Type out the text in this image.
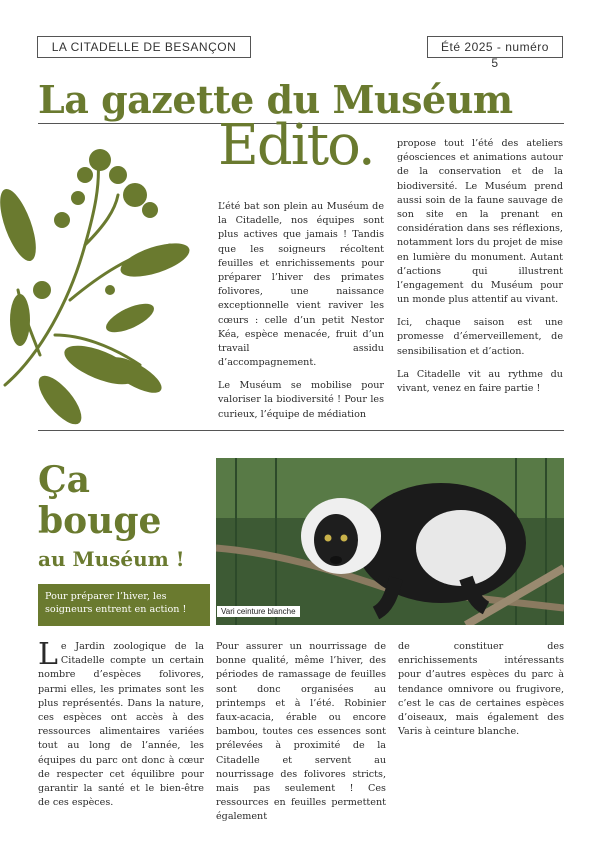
LA CITADELLE DE BESANÇON	Été 2025 - numéro 5
La gazette du Muséum
Edito.

L’été bat son plein au Muséum de la Citadelle, nos équipes sont plus actives que jamais ! Tandis que les soigneurs récoltent feuilles et enrichissements pour préparer l’hiver des primates folivores, une naissance exceptionnelle vient raviver les cœurs : celle d’un petit Nestor Kéa, espèce menacée, fruit d’un travail assidu d’accompagnement.

Le Muséum se mobilise pour valoriser la biodiversité ! Pour les curieux, l’équipe de médiation

propose tout l’été des ateliers géosciences et animations autour de la conservation et de la biodiversité. Le Muséum prend aussi soin de la faune sauvage de son site en la prenant en considération dans ses réflexions, notamment lors du projet de mise en lumière du monument. Autant d’actions qui illustrent l’engagement du Muséum pour un monde plus attentif au vivant.

Ici, chaque saison est une promesse d’émerveillement, de sensibilisation et d’action.

La Citadelle vit au rythme du vivant, venez en faire partie !

Ça
bouge
au Muséum !
Pour préparer l’hiver, les soigneurs entrent en action !	Vari ceinture blanche
Le Jardin zoologique de la Citadelle compte un certain nombre d’espèces folivores, parmi elles, les primates sont les plus représentés. Dans la nature, ces espèces ont accès à des ressources alimentaires variées tout au long de l’année, les équipes du parc ont donc à cœur de respecter cet équilibre pour garantir la santé et le bien-être de ces espèces.
Pour assurer un nourrissage de bonne qualité, même l’hiver, des périodes de ramassage de feuilles sont donc organisées au printemps et à l’été. Robinier faux-acacia, érable ou encore bambou, toutes ces essences sont prélevées à proximité de la Citadelle et servent au nourrissage des folivores stricts, mais pas seulement ! Ces ressources en feuilles permettent également
de constituer des enrichissements intéressants pour d’autres espèces du parc à tendance omnivore ou frugivore, c’est le cas de certaines espèces d’oiseaux, mais également des Varis à ceinture blanche.
